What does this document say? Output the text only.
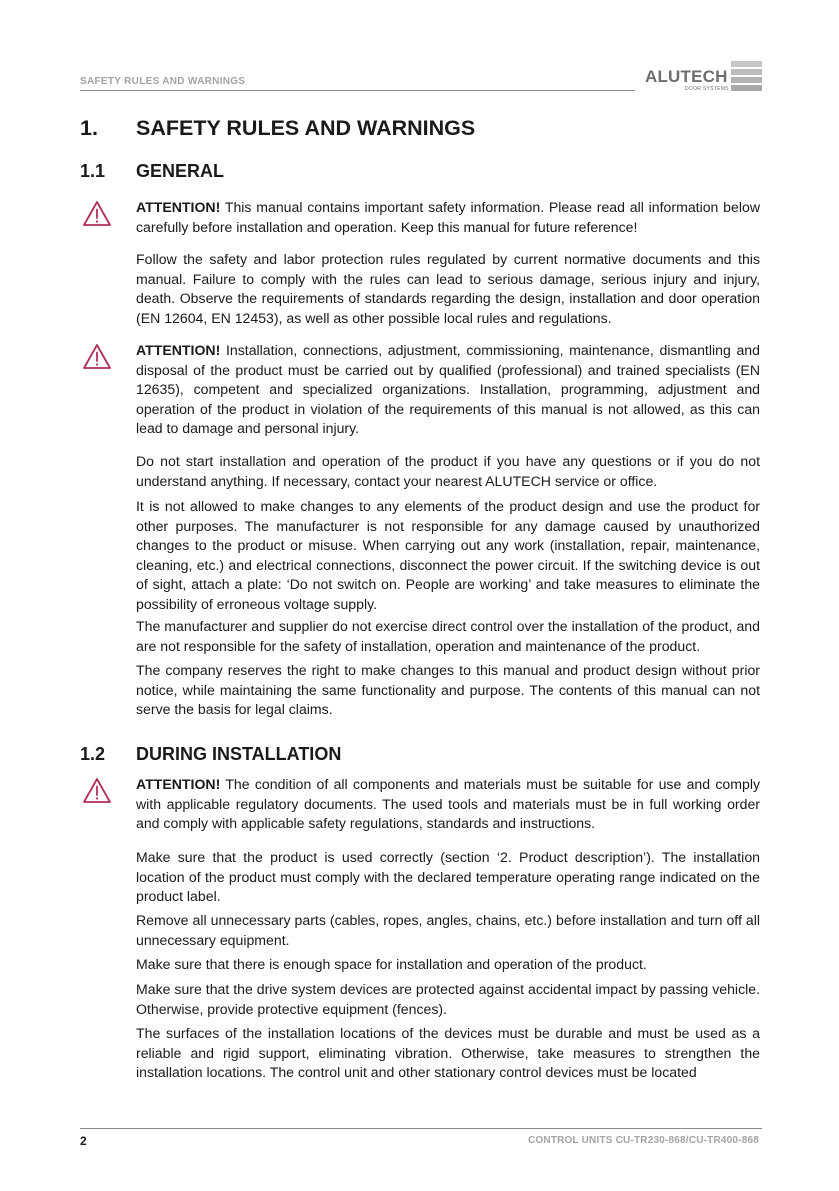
SAFETY RULES AND WARNINGS	ALUTECH
DOOR SYSTEMS
1. SAFETY RULES AND WARNINGS
1.1 GENERAL

ATTENTION! This manual contains important safety information. Please read all information below carefully before installation and operation. Keep this manual for future reference!

Follow the safety and labor protection rules regulated by current normative documents and this manual. Failure to comply with the rules can lead to serious damage, serious injury and injury, death. Observe the requirements of standards regarding the design, installation and door operation (EN 12604, EN 12453), as well as other possible local rules and regulations.

ATTENTION! Installation, connections, adjustment, commissioning, maintenance, dismantling and disposal of the product must be carried out by qualified (professional) and trained specialists (EN 12635), competent and specialized organizations. Installation, programming, adjustment and operation of the product in violation of the requirements of this manual is not allowed, as this can lead to damage and personal injury.

Do not start installation and operation of the product if you have any questions or if you do not understand anything. If necessary, contact your nearest ALUTECH service or office.

It is not allowed to make changes to any elements of the product design and use the product for other purposes. The manufacturer is not responsible for any damage caused by unauthorized changes to the product or misuse. When carrying out any work (installation, repair, maintenance, cleaning, etc.) and electrical connections, disconnect the power circuit. If the switching device is out of sight, attach a plate: ‘Do not switch on. People are working’ and take measures to eliminate the possibility of erroneous voltage supply.

The manufacturer and supplier do not exercise direct control over the installation of the product, and are not responsible for the safety of installation, operation and maintenance of the product.

The company reserves the right to make changes to this manual and product design without prior notice, while maintaining the same functionality and purpose. The contents of this manual can not serve the basis for legal claims.

1.2 DURING INSTALLATION

ATTENTION! The condition of all components and materials must be suitable for use and comply with applicable regulatory documents. The used tools and materials must be in full working order and comply with applicable safety regulations, standards and instructions.

Make sure that the product is used correctly (section ‘2. Product description’). The installation location of the product must comply with the declared temperature operating range indicated on the product label.

Remove all unnecessary parts (cables, ropes, angles, chains, etc.) before installation and turn off all unnecessary equipment.

Make sure that there is enough space for installation and operation of the product.

Make sure that the drive system devices are protected against accidental impact by passing vehicle. Otherwise, provide protective equipment (fences).

The surfaces of the installation locations of the devices must be durable and must be used as a reliable and rigid support, eliminating vibration. Otherwise, take measures to strengthen the installation locations. The control unit and other stationary control devices must be located

2	CONTROL UNITS CU-TR230-868/CU-TR400-868
